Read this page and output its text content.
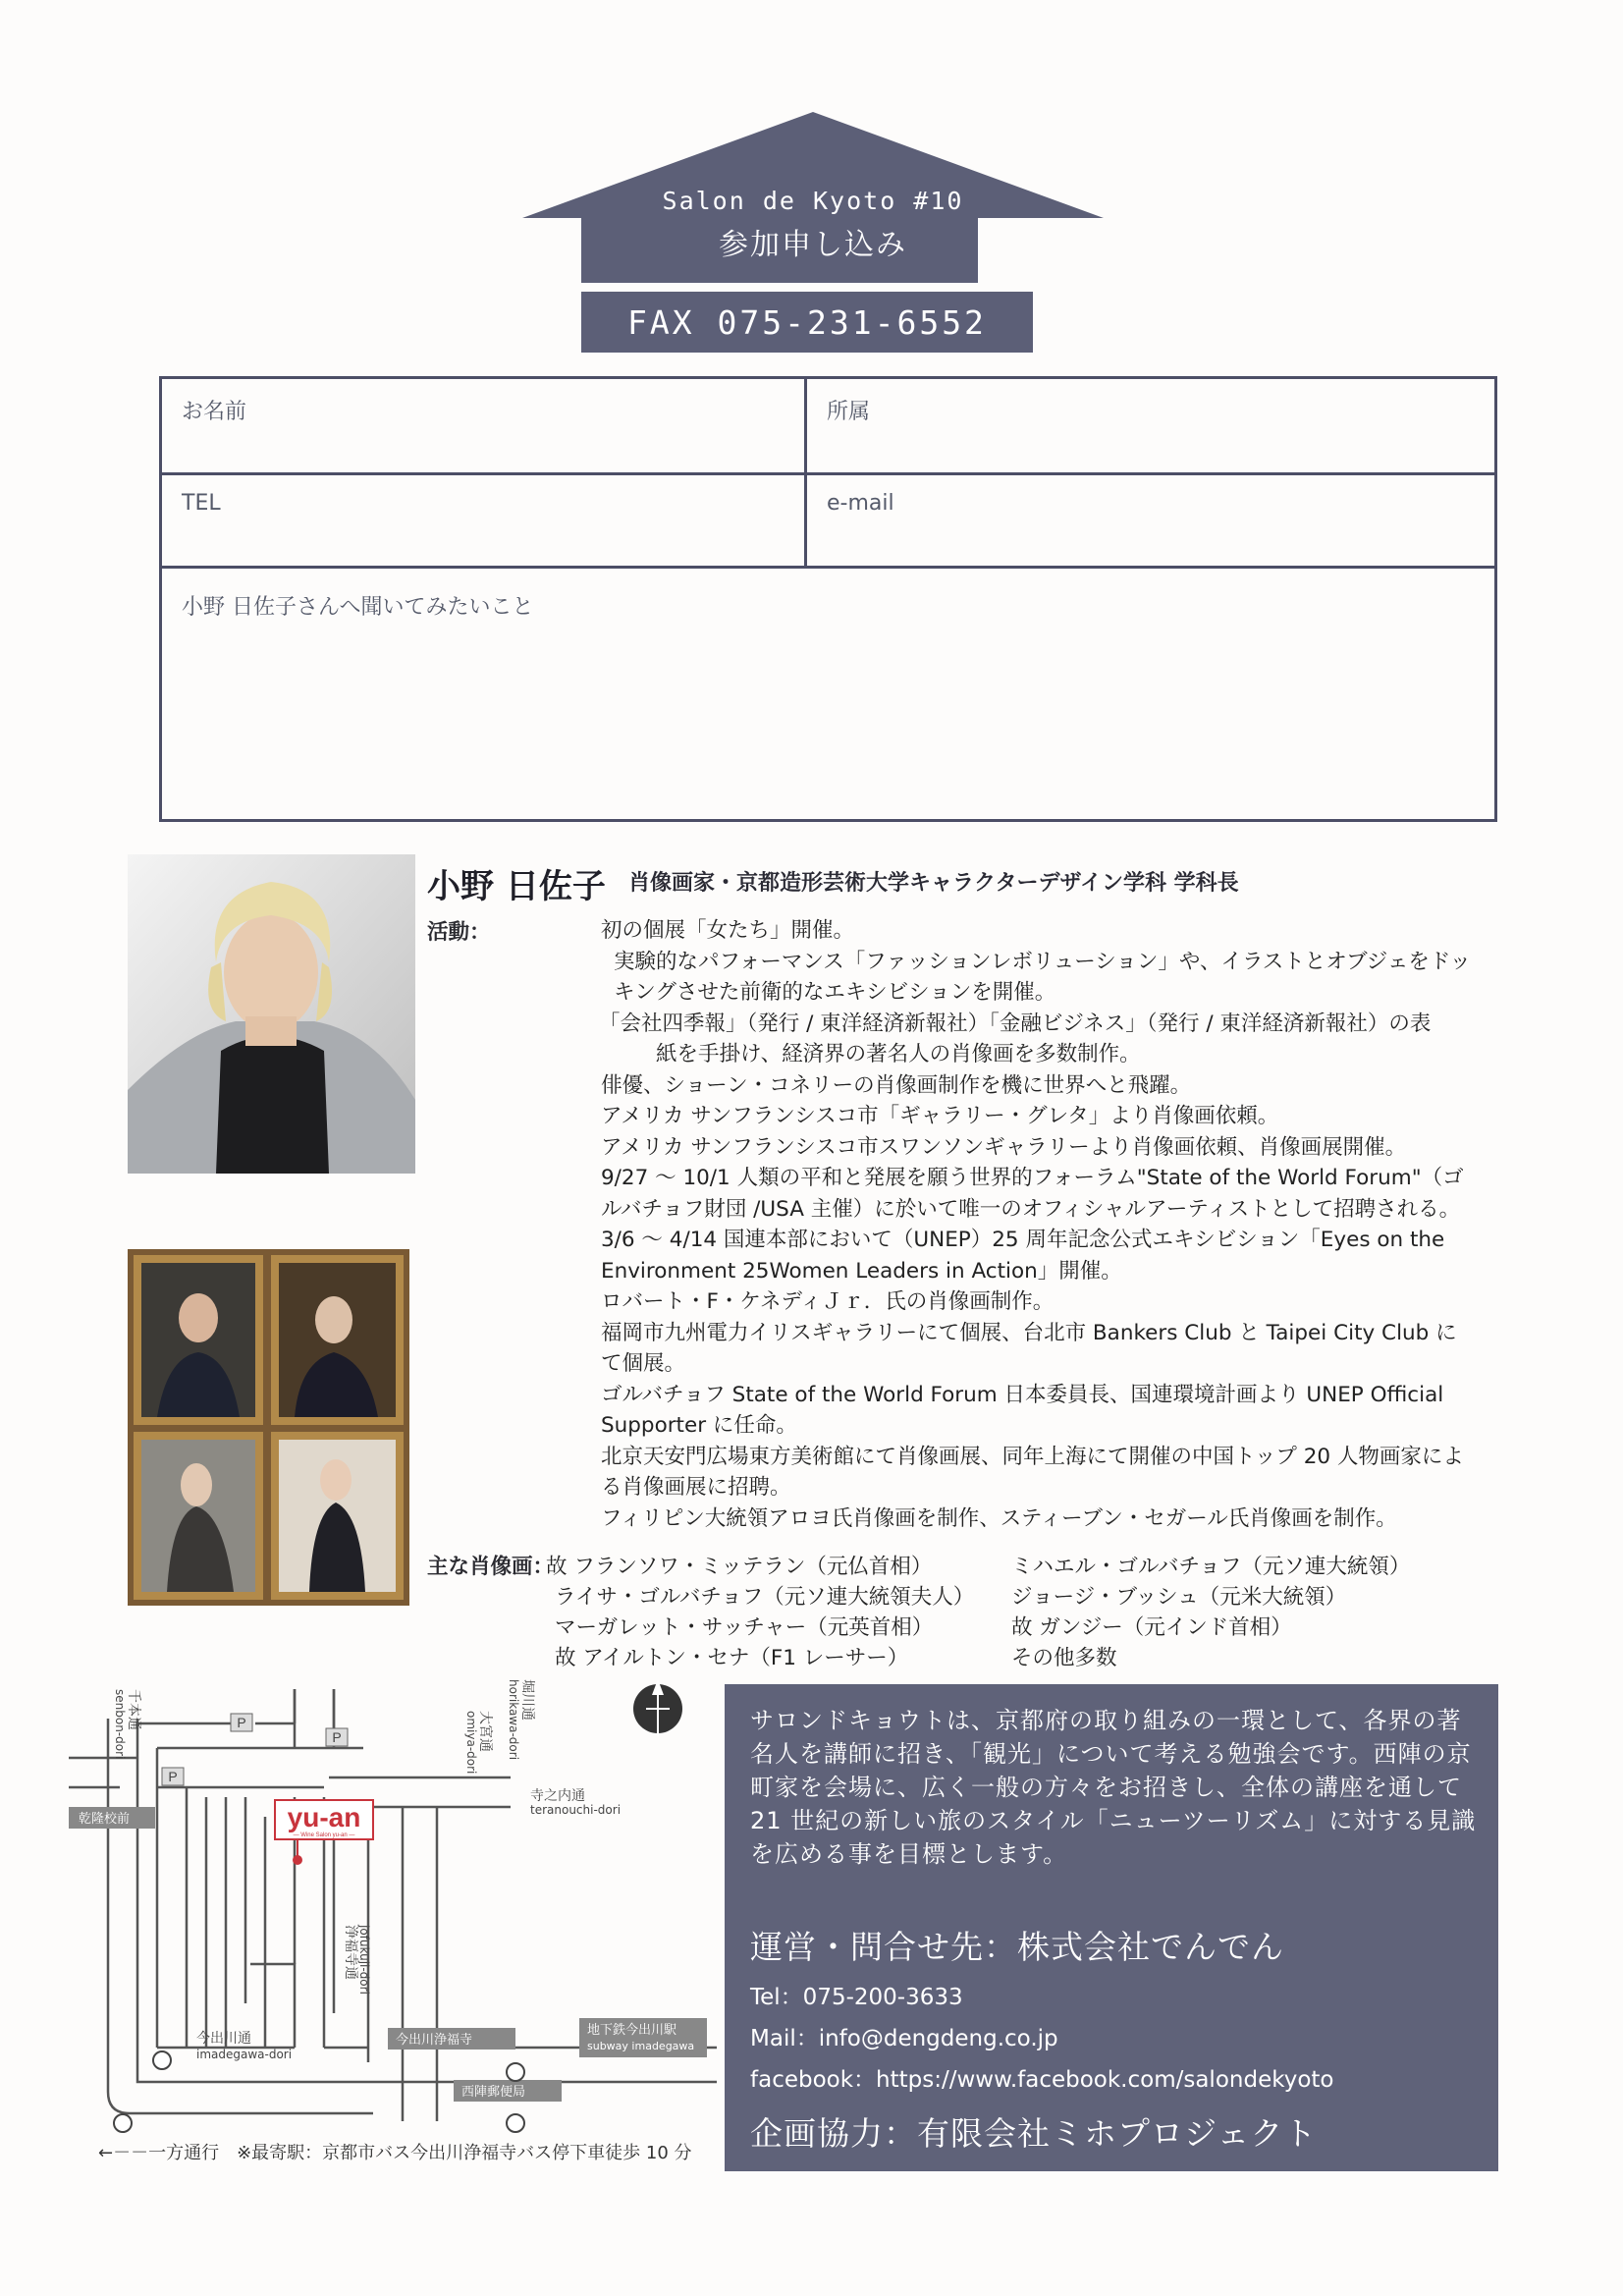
Salon de Kyoto #10
参加申し込み
FAX 075-231-6552
お名前	所属
TEL	e-mail
小野 日佐子さんへ聞いてみたいこと
小野 日佐子 肖像画家・京都造形芸術大学キャラクターデザイン学科 学科長
活動：	初の個展「女たち」開催。
実験的なパフォーマンス「ファッションレボリューション」や、イラストとオブジェをドッ
キングさせた前衛的なエキシビションを開催。
「会社四季報」（発行 / 東洋経済新報社）「金融ビジネス」（発行 / 東洋経済新報社）の表
紙を手掛け、経済界の著名人の肖像画を多数制作。
俳優、ショーン・コネリーの肖像画制作を機に世界へと飛躍。
アメリカ サンフランシスコ市「ギャラリー・グレタ」より肖像画依頼。
アメリカ サンフランシスコ市スワンソンギャラリーより肖像画依頼、肖像画展開催。
9/27 ～ 10/1 人類の平和と発展を願う世界的フォーラム"State of the World Forum"（ゴ
ルバチョフ財団 /USA 主催）に於いて唯一のオフィシャルアーティストとして招聘される。
3/6 ～ 4/14 国連本部において（UNEP）25 周年記念公式エキシビション「Eyes on the
Environment 25Women Leaders in Action」開催。
ロバート・F・ケネディＪｒ．氏の肖像画制作。
福岡市九州電力イリスギャラリーにて個展、台北市 Bankers Club と Taipei City Club に
て個展。
ゴルバチョフ State of the World Forum 日本委員長、国連環境計画より UNEP Official
Supporter に任命。
北京天安門広場東方美術館にて肖像画展、同年上海にて開催の中国トップ 20 人物画家によ
る肖像画展に招聘。
フィリピン大統領アロヨ氏肖像画を制作、スティーブン・セガール氏肖像画を制作。
主な肖像画：
故 フランソワ・ミッテラン（元仏首相）
ライサ・ゴルバチョフ（元ソ連大統領夫人）
マーガレット・サッチャー（元英首相）
故 アイルトン・セナ（F1 レーサー）
ミハエル・ゴルバチョフ（元ソ連大統領）
ジョージ・ブッシュ（元米大統領）
故 ガンジー（元インド首相）
その他多数
P
P
P
yu-an
— Wine Salon yu-an —
千本通
senbon-dori	堀川通
horikawa-dori
大宮通
omiya-dori
寺之内通
teranouchi-dori
浄福寺通 jofukuji-dori
今出川通
imadegawa-dori
乾隆校前
今出川浄福寺
西陣郵便局
地下鉄今出川駅
subway imadegawa
サロンドキョウトは、京都府の取り組みの一環として、各界の著名人を講師に招き、「観光」について考える勉強会です。西陣の京町家を会場に、広く一般の方々をお招きし、全体の講座を通して 21 世紀の新しい旅のスタイル「ニューツーリズム」に対する見識を広める事を目標とします。
運営・問合せ先：株式会社でんでん
Tel：075-200-3633
Mail：info@dengdeng.co.jp
facebook：https://www.facebook.com/salondekyoto
企画協力：有限会社ミホプロジェクト
←－－一方通行　※最寄駅：京都市バス今出川浄福寺バス停下車徒歩 10 分
